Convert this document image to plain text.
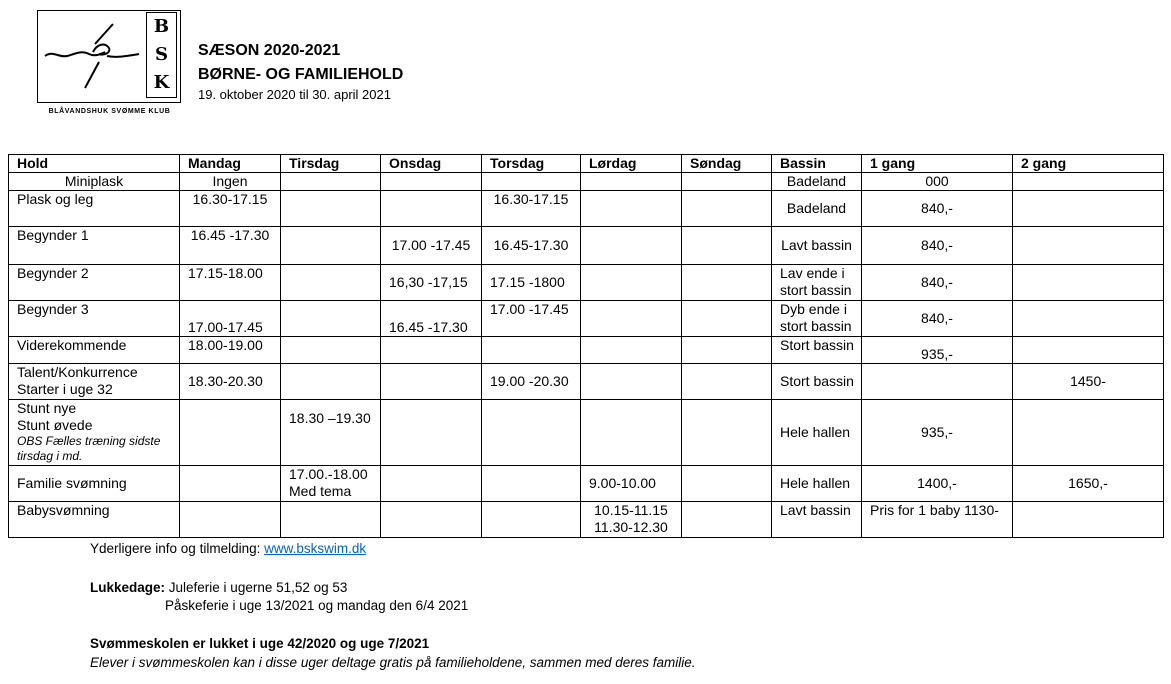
B
S
K
BLÅVANDSHUK SVØMME KLUB
SÆSON 2020-2021
BØRNE- OG FAMILIEHOLD
19. oktober 2020 til 30. april 2021
Hold	Mandag	Tirsdag	Onsdag	Torsdag	Lørdag	Søndag	Bassin	1 gang	2 gang
Miniplask	Ingen						Badeland	000	
Plask og leg	16.30-17.15			16.30-17.15			Badeland	840,-	
Begynder 1	16.45 -17.30		17.00 -17.45	16.45-17.30			Lavt bassin	840,-	
Begynder 2	17.15-18.00		16,30 -17,15	17.15 -1800			Lav ende i
stort bassin	840,-	
Begynder 3	17.00-17.45		16.45 -17.30	17.00 -17.45			Dyb ende i
stort bassin	840,-	
Viderekommende	18.00-19.00						Stort bassin	935,-	

Talent/Konkurrence
Starter i uge 32	18.30-20.30			19.00 -20.30			Stort bassin		1450-

Stunt nye
Stunt øvede
OBS Fælles træning sidste tirsdag i md.		18.30 –19.30					Hele hallen	935,-	
Familie svømning		17.00.-18.00
Med tema			9.00-10.00		Hele hallen	1400,-	1650,-
Babysvømning					10.15-11.15
11.30-12.30		Lavt bassin	Pris for 1 baby 1130-	
Yderligere info og tilmelding: www.bskswim.dk
Lukkedage: Juleferie i ugerne 51,52 og 53
Påskeferie i uge 13/2021 og mandag den 6/4 2021
Svømmeskolen er lukket i uge 42/2020 og uge 7/2021
Elever i svømmeskolen kan i disse uger deltage gratis på familieholdene, sammen med deres familie.
